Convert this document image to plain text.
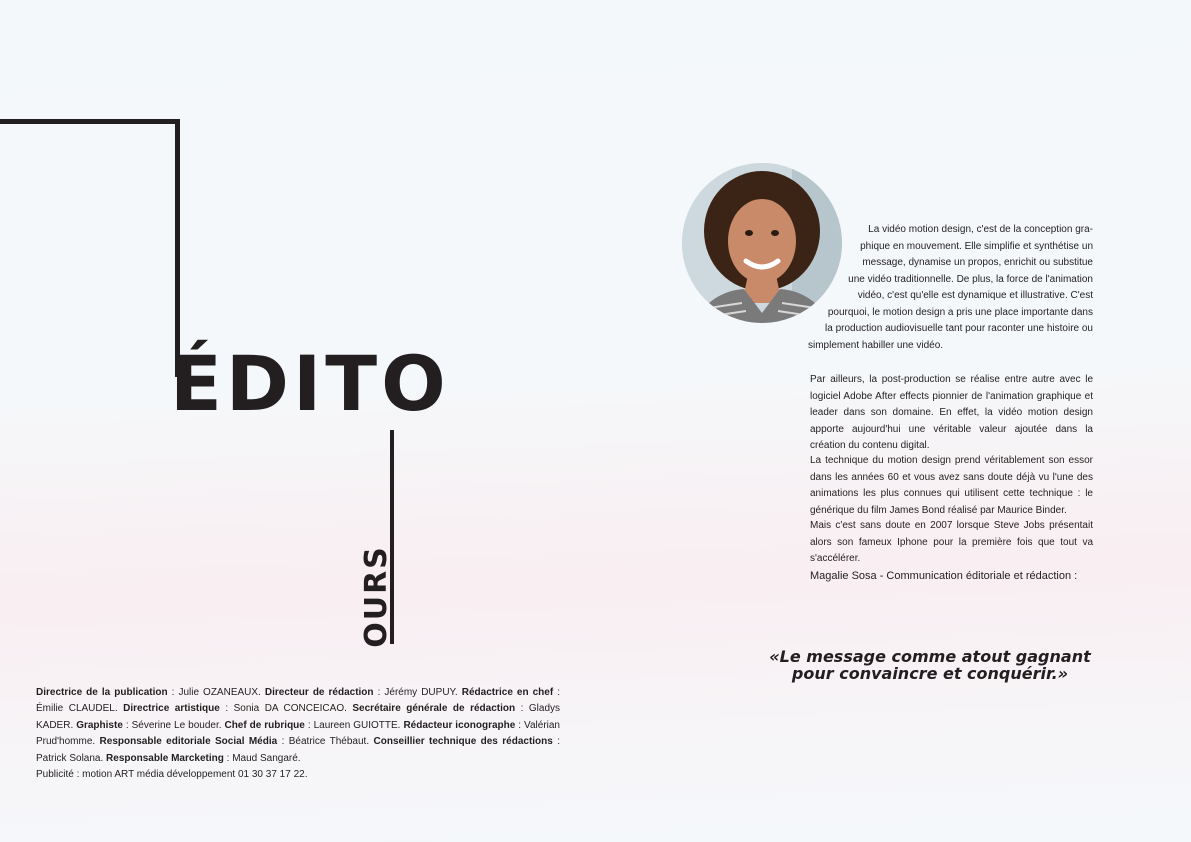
ÉDITO
OURS

Directrice de la publication : Julie OZANEAUX. Directeur de rédaction : Jérémy DUPUY. Rédactrice en chef : Émilie CLAUDEL. Directrice artistique : Sonia DA CONCEICAO. Secrétaire générale de rédaction : Gladys KADER. Graphiste : Séverine Le bouder. Chef de rubrique : Laureen GUIOTTE. Rédacteur iconographe : Valérian Prud'homme. Responsable editoriale Social Média : Béatrice Thébaut. Conseillier technique des rédactions : Patrick Solana. Responsable Marcketing : Maud Sangaré.

Publicité : motion ART média développement 01 30 37 17 22.

La vidéo motion design, c'est de la conception gra-
phique en mouvement. Elle simplifie et synthétise un
message, dynamise un propos, enrichit ou substitue
une vidéo traditionnelle. De plus, la force de l'animation
vidéo, c'est qu'elle est dynamique et illustrative. C'est
pourquoi, le motion design a pris une place importante dans
la production audiovisuelle tant pour raconter une histoire ou
simplement habiller une vidéo.

Par ailleurs, la post-production se réalise entre autre avec le logiciel Adobe After effects pionnier de l'animation graphique et leader dans son domaine. En effet, la vidéo motion design apporte aujourd'hui une véritable valeur ajoutée dans la création du contenu digital.

La technique du motion design prend véritablement son essor dans les années 60 et vous avez sans doute déjà vu l'une des animations les plus connues qui utilisent cette technique : le générique du film James Bond réalisé par Maurice Binder.

Mais c'est sans doute en 2007 lorsque Steve Jobs présentait alors son fameux Iphone pour la première fois que tout va s'accélérer.

Magalie Sosa - Communication éditoriale et rédaction :

«Le message comme atout gagnant
pour convaincre et conquérir.»
